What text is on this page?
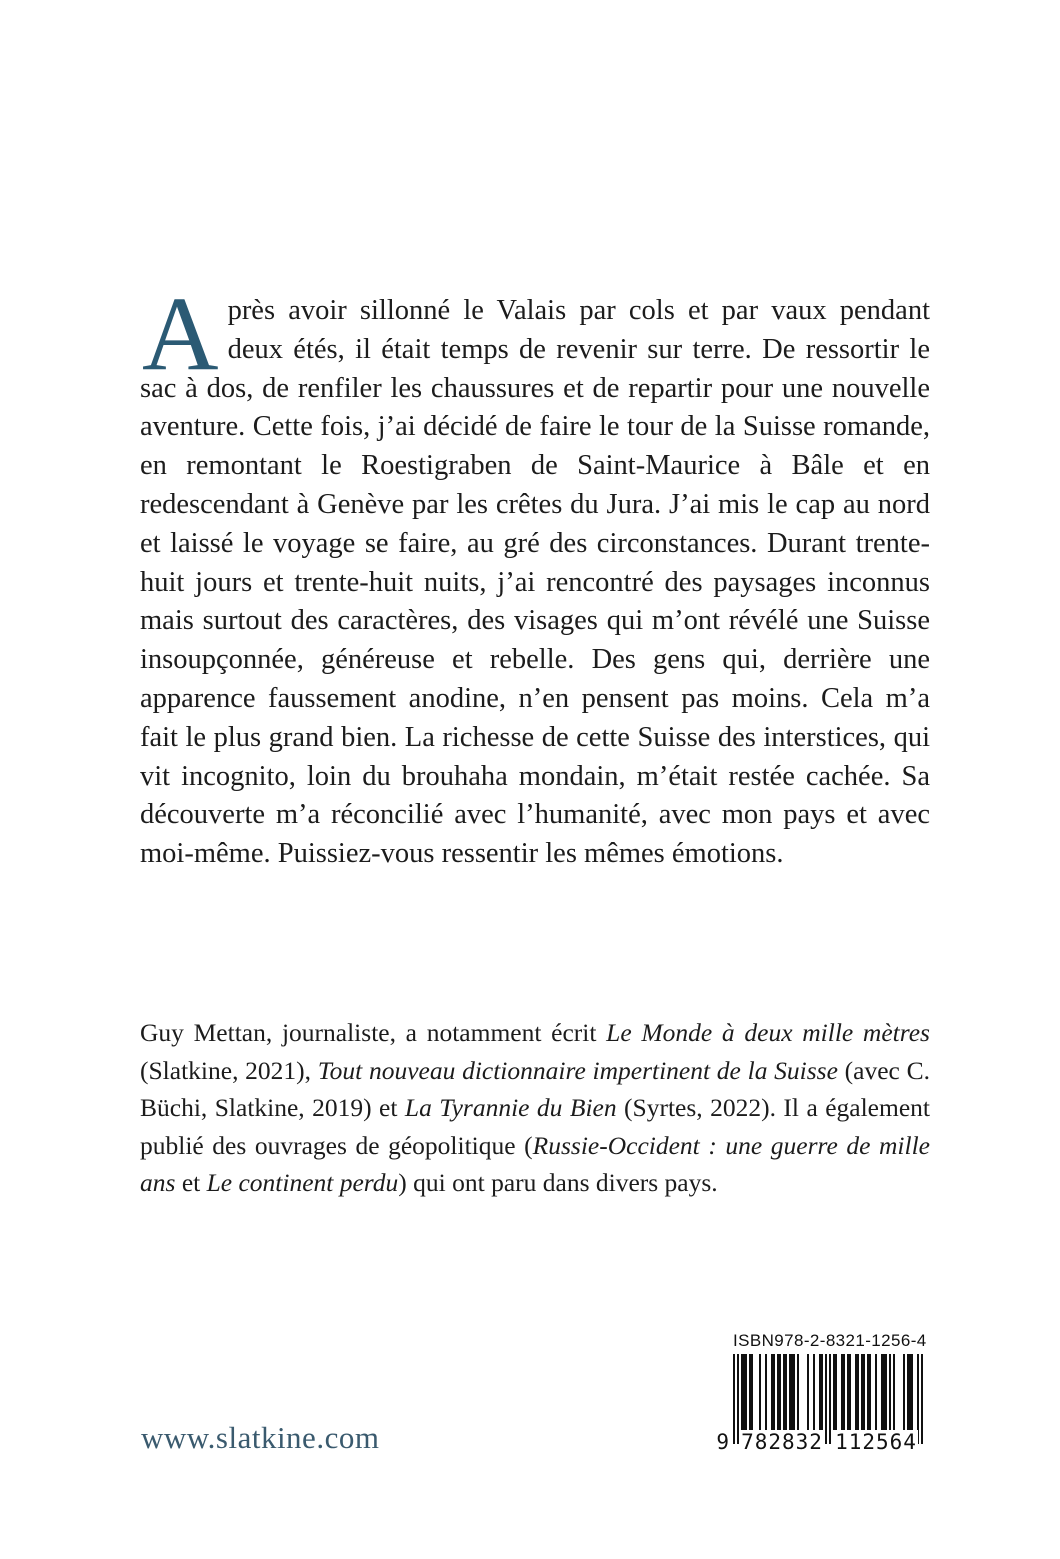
Après avoir sillonné le Valais par cols et par vaux pendant deux étés, il était temps de revenir sur terre. De ressortir le sac à dos, de renfiler les chaussures et de repartir pour une nouvelle aventure. Cette fois, j’ai décidé de faire le tour de la Suisse romande, en remontant le Roestigraben de Saint-Maurice à Bâle et en redescendant à Genève par les crêtes du Jura. J’ai mis le cap au nord et laissé le voyage se faire, au gré des circonstances. Durant trente-huit jours et trente-huit nuits, j’ai rencontré des paysages inconnus mais surtout des caractères, des visages qui m’ont révélé une Suisse insoupçonnée, généreuse et rebelle. Des gens qui, derrière une apparence faussement anodine, n’en pensent pas moins. Cela m’a fait le plus grand bien. La richesse de cette Suisse des interstices, qui vit incognito, loin du brouhaha mondain, m’était restée cachée. Sa découverte m’a réconcilié avec l’humanité, avec mon pays et avec moi-même. Puissiez-vous ressentir les mêmes émotions.

Guy Mettan, journaliste, a notamment écrit Le Monde à deux mille mètres (Slatkine, 2021), Tout nouveau dictionnaire impertinent de la Suisse (avec C. Büchi, Slatkine, 2019) et La Tyrannie du Bien (Syrtes, 2022). Il a également publié des ouvrages de géopolitique (Russie-Occident : une guerre de mille ans et Le continent perdu) qui ont paru dans divers pays.

ISBN 978-2-8321-1256-4
9 782832 112564
www.slatkine.com
